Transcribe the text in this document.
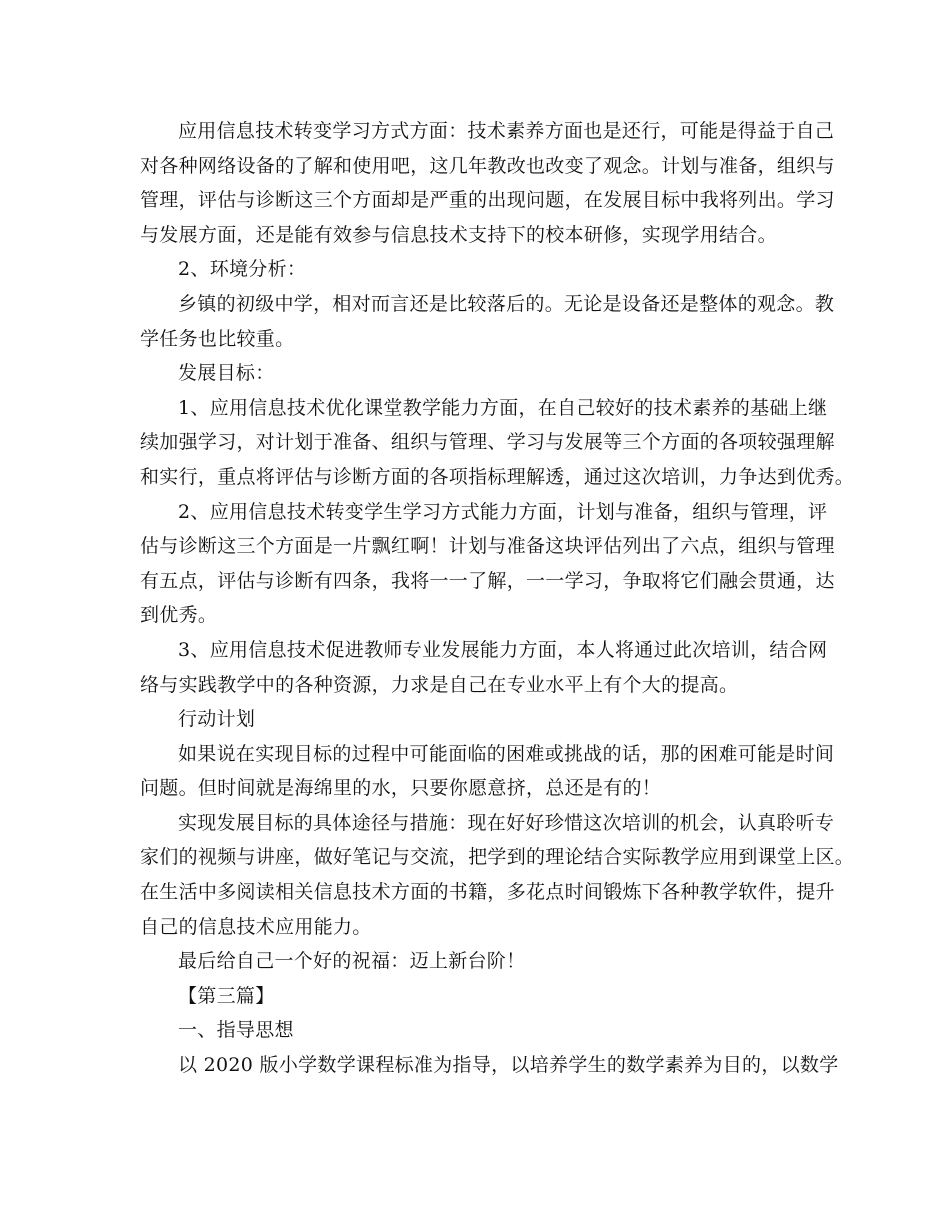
应用信息技术转变学习方式方面：技术素养方面也是还行，可能是得益于自己
对各种网络设备的了解和使用吧，这几年教改也改变了观念。计划与准备，组织与
管理，评估与诊断这三个方面却是严重的出现问题，在发展目标中我将列出。学习
与发展方面，还是能有效参与信息技术支持下的校本研修，实现学用结合。
2、环境分析：
乡镇的初级中学，相对而言还是比较落后的。无论是设备还是整体的观念。教
学任务也比较重。
发展目标：
1、应用信息技术优化课堂教学能力方面，在自己较好的技术素养的基础上继
续加强学习，对计划于准备、组织与管理、学习与发展等三个方面的各项较强理解
和实行，重点将评估与诊断方面的各项指标理解透，通过这次培训，力争达到优秀。
2、应用信息技术转变学生学习方式能力方面，计划与准备，组织与管理，评
估与诊断这三个方面是一片飘红啊！计划与准备这块评估列出了六点，组织与管理
有五点，评估与诊断有四条，我将一一了解，一一学习，争取将它们融会贯通，达
到优秀。
3、应用信息技术促进教师专业发展能力方面，本人将通过此次培训，结合网
络与实践教学中的各种资源，力求是自己在专业水平上有个大的提高。
行动计划
如果说在实现目标的过程中可能面临的困难或挑战的话，那的困难可能是时间
问题。但时间就是海绵里的水，只要你愿意挤，总还是有的！
实现发展目标的具体途径与措施：现在好好珍惜这次培训的机会，认真聆听专
家们的视频与讲座，做好笔记与交流，把学到的理论结合实际教学应用到课堂上区。
在生活中多阅读相关信息技术方面的书籍，多花点时间锻炼下各种教学软件，提升
自己的信息技术应用能力。
最后给自己一个好的祝福：迈上新台阶！
【第三篇】
一、指导思想
以 2020 版小学数学课程标准为指导，以培养学生的数学素养为目的，以数学
